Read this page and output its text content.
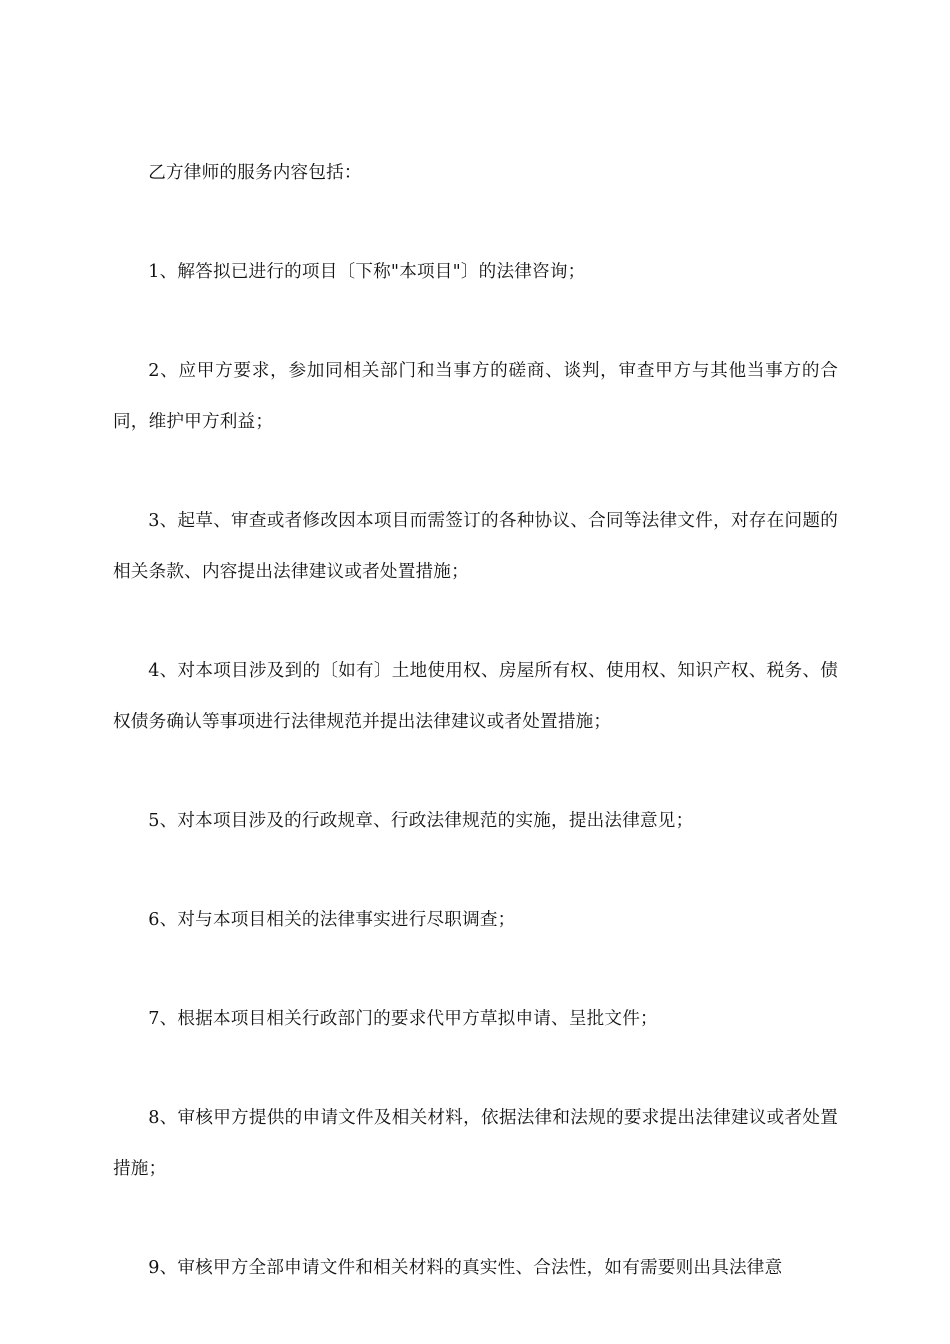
乙方律师的服务内容包括：

1、解答拟已进行的项目〔下称"本项目"〕的法律咨询；

2、应甲方要求，参加同相关部门和当事方的磋商、谈判，审查甲方与其他当事方的合同，维护甲方利益；

3、起草、审查或者修改因本项目而需签订的各种协议、合同等法律文件，对存在问题的相关条款、内容提出法律建议或者处置措施；

4、对本项目涉及到的〔如有〕土地使用权、房屋所有权、使用权、知识产权、税务、债权债务确认等事项进行法律规范并提出法律建议或者处置措施；

5、对本项目涉及的行政规章、行政法律规范的实施，提出法律意见；

6、对与本项目相关的法律事实进行尽职调查；

7、根据本项目相关行政部门的要求代甲方草拟申请、呈批文件；

8、审核甲方提供的申请文件及相关材料，依据法律和法规的要求提出法律建议或者处置措施；

9、审核甲方全部申请文件和相关材料的真实性、合法性，如有需要则出具法律意
